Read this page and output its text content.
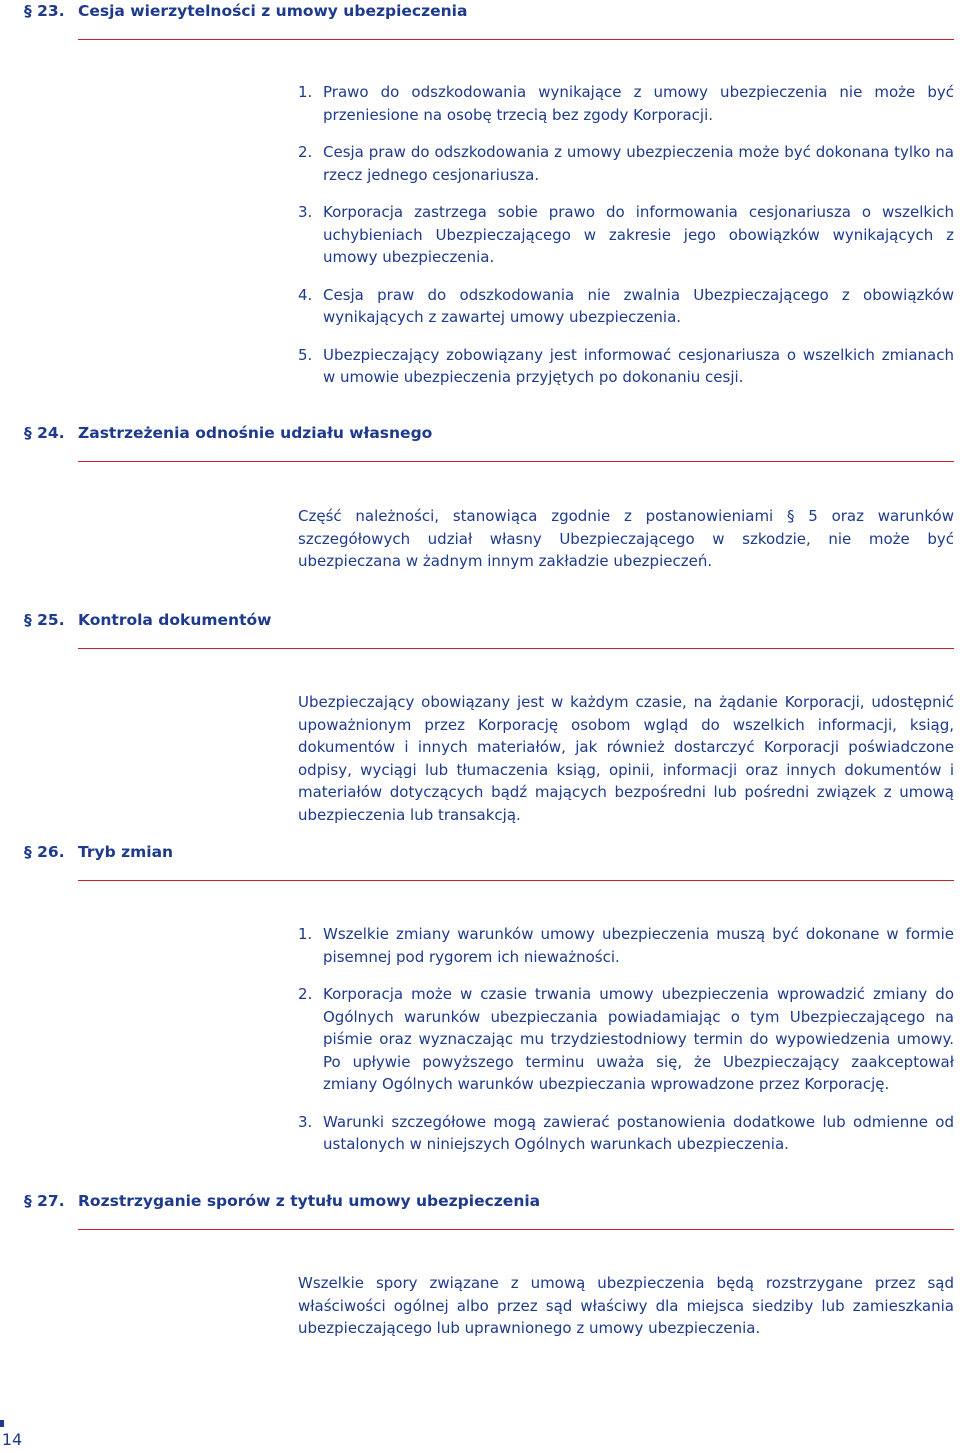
§ 23. Cesja wierzytelności z umowy ubezpieczenia
1. Prawo do odszkodowania wynikające z umowy ubezpieczenia nie może być przeniesione na osobę trzecią bez zgody Korporacji.
2. Cesja praw do odszkodowania z umowy ubezpieczenia może być dokonana tylko na rzecz jednego cesjonariusza.
3. Korporacja zastrzega sobie prawo do informowania cesjonariusza o wszelkich uchybieniach Ubezpieczającego w zakresie jego obowiązków wynikających z umowy ubezpieczenia.
4. Cesja praw do odszkodowania nie zwalnia Ubezpieczającego z obowiązków wynikających z zawartej umowy ubezpieczenia.
5. Ubezpieczający zobowiązany jest informować cesjonariusza o wszelkich zmianach w umowie ubezpieczenia przyjętych po dokonaniu cesji.
§ 24. Zastrzeżenia odnośnie udziału własnego
Część należności, stanowiąca zgodnie z postanowieniami § 5 oraz warunków szczegółowych udział własny Ubezpieczającego w szkodzie, nie może być ubezpieczana w żadnym innym zakładzie ubezpieczeń.
§ 25. Kontrola dokumentów
Ubezpieczający obowiązany jest w każdym czasie, na żądanie Korporacji, udostępnić upoważnionym przez Korporację osobom wgląd do wszelkich informacji, ksiąg, dokumentów i innych materiałów, jak również dostarczyć Korporacji poświadczone odpisy, wyciągi lub tłumaczenia ksiąg, opinii, informacji oraz innych dokumentów i materiałów dotyczących bądź mających bezpośredni lub pośredni związek z umową ubezpieczenia lub transakcją.
§ 26. Tryb zmian
1. Wszelkie zmiany warunków umowy ubezpieczenia muszą być dokonane w formie pisemnej pod rygorem ich nieważności.
2. Korporacja może w czasie trwania umowy ubezpieczenia wprowadzić zmiany do Ogólnych warunków ubezpieczania powiadamiając o tym Ubezpieczającego na piśmie oraz wyznaczając mu trzydziestodniowy termin do wypowiedzenia umowy. Po upływie powyższego terminu uważa się, że Ubezpieczający zaakceptował zmiany Ogólnych warunków ubezpieczania wprowadzone przez Korporację.
3. Warunki szczegółowe mogą zawierać postanowienia dodatkowe lub odmienne od ustalonych w niniejszych Ogólnych warunkach ubezpieczenia.
§ 27. Rozstrzyganie sporów z tytułu umowy ubezpieczenia
Wszelkie spory związane z umową ubezpieczenia będą rozstrzygane przez sąd właściwości ogólnej albo przez sąd właściwy dla miejsca siedziby lub zamieszkania ubezpieczającego lub uprawnionego z umowy ubezpieczenia.
14
